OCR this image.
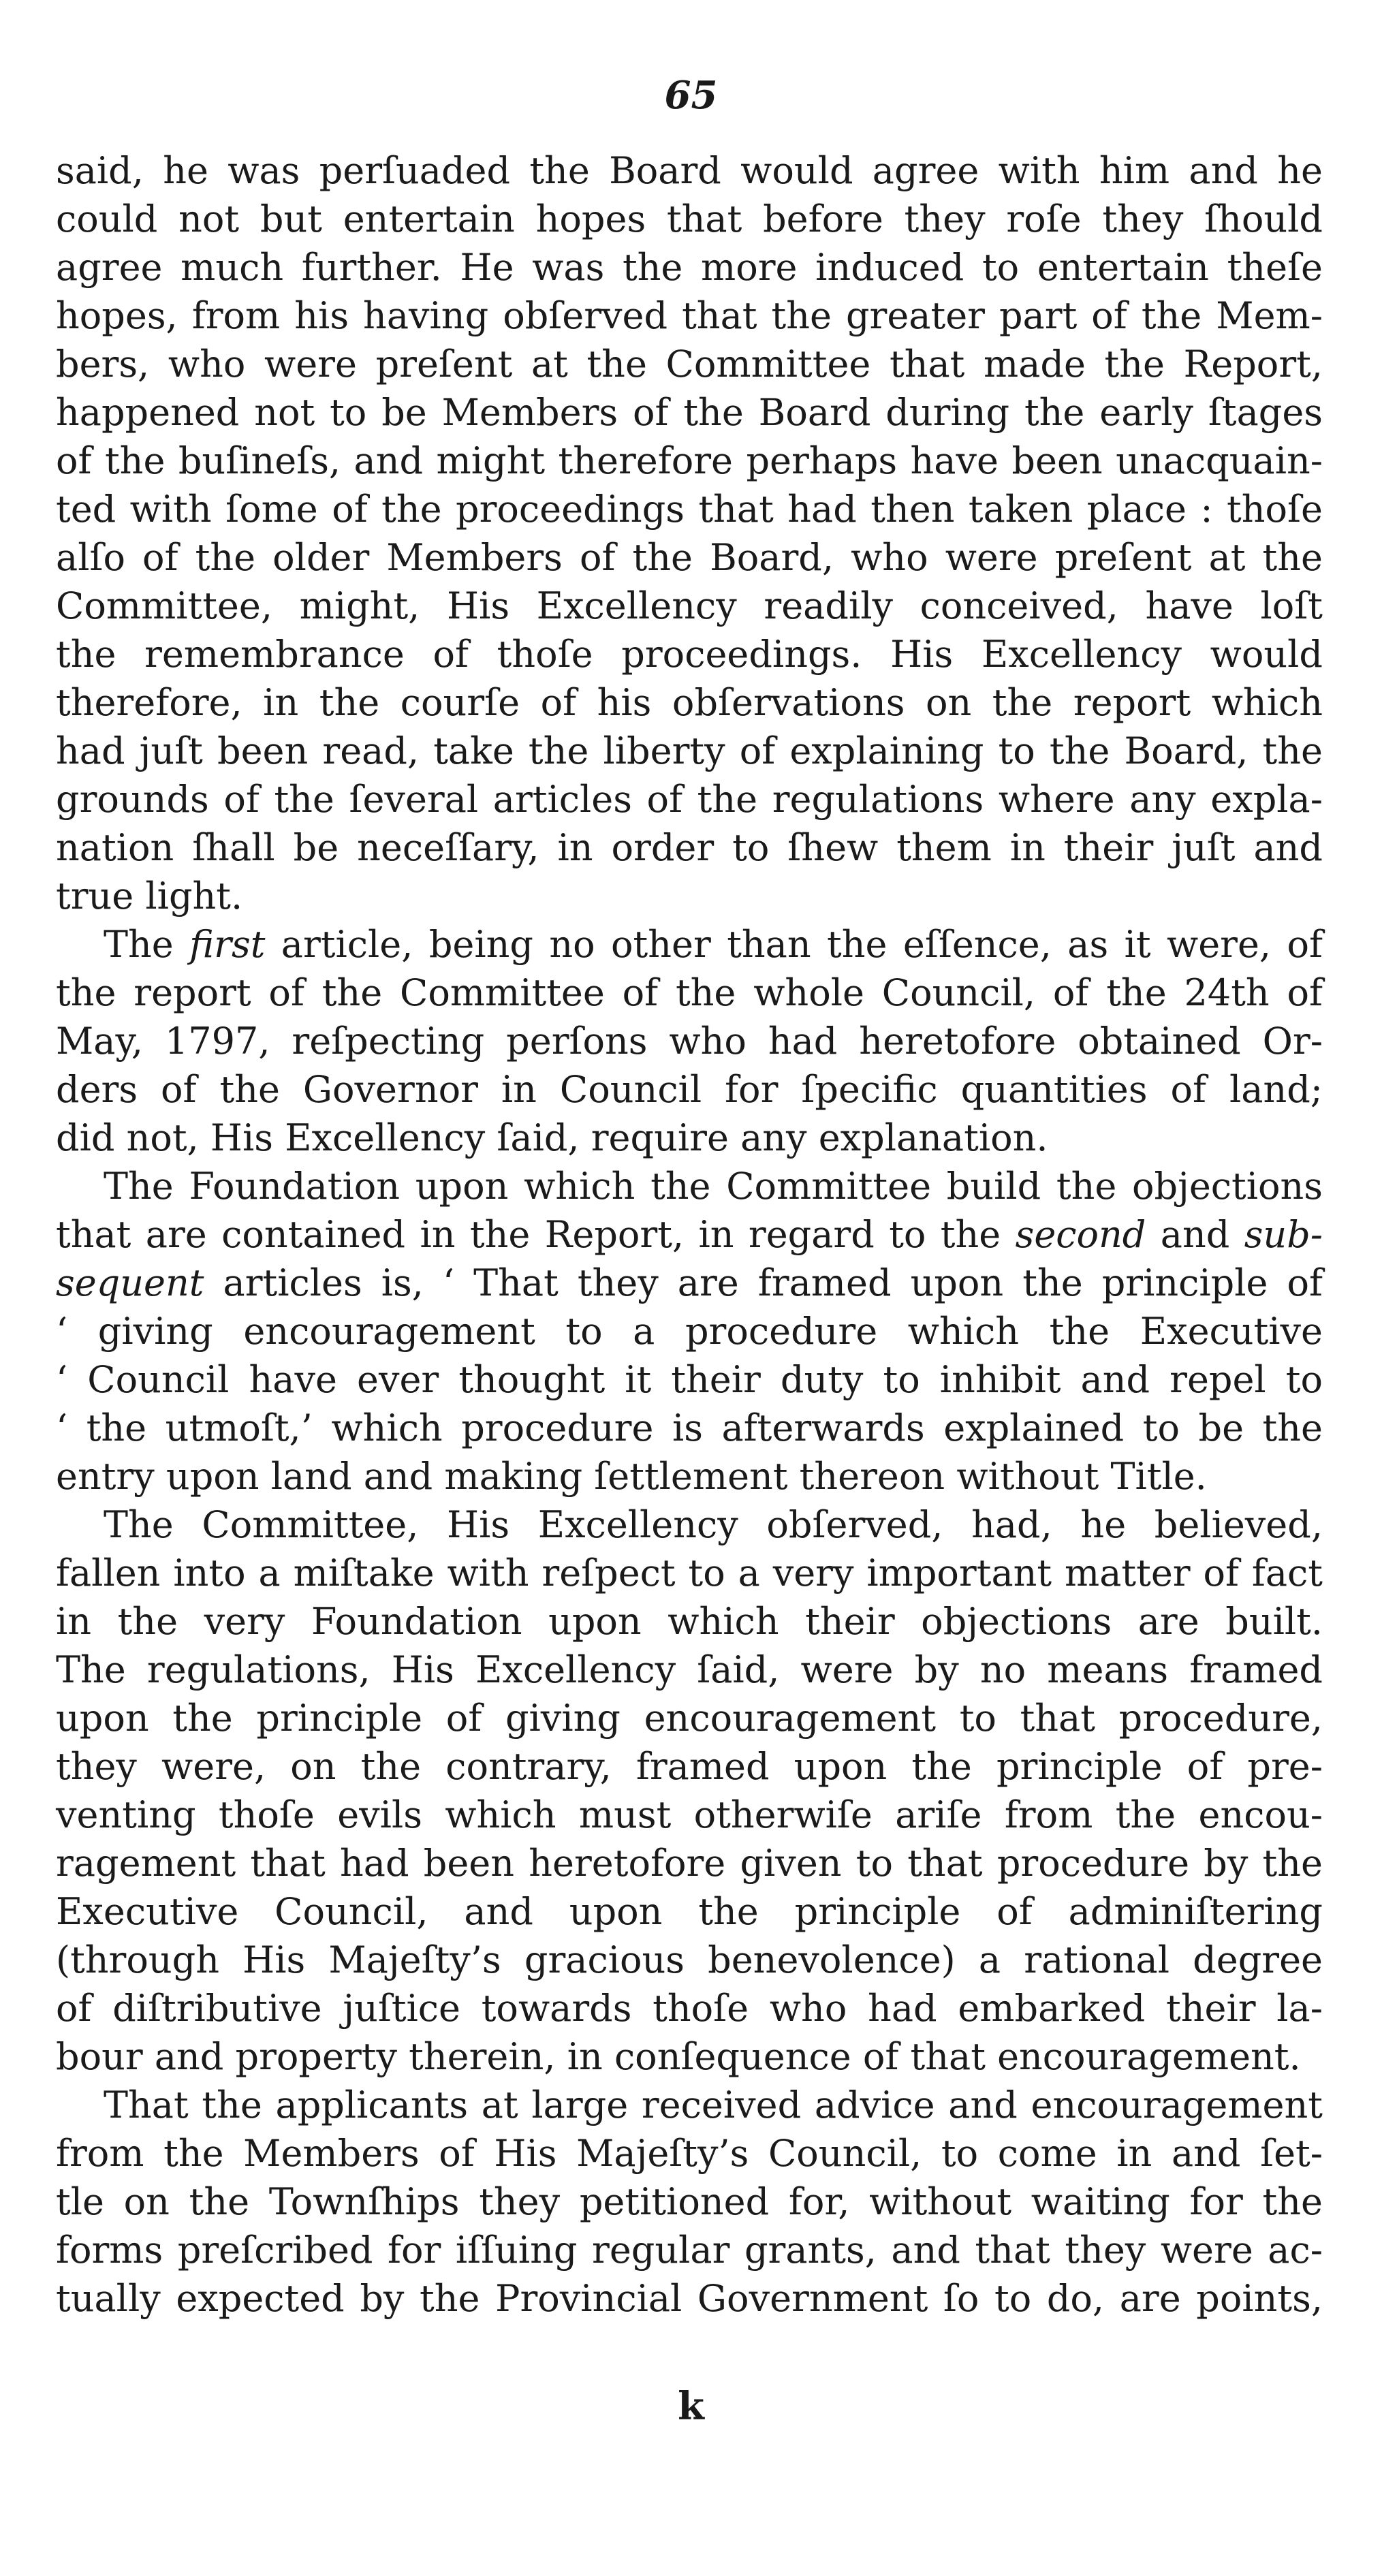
65
said, he was perſuaded the Board would agree with him and he
could not but entertain hopes that before they roſe they ſhould
agree much further. He was the more induced to entertain theſe
hopes, from his having obſerved that the greater part of the Mem-
bers, who were preſent at the Committee that made the Report,
happened not to be Members of the Board during the early ſtages
of the buſineſs, and might therefore perhaps have been unacquain-
ted with ſome of the proceedings that had then taken place : thoſe
alſo of the older Members of the Board, who were preſent at the
Committee, might, His Excellency readily conceived, have loſt
the remembrance of thoſe proceedings. His Excellency would
therefore, in the courſe of his obſervations on the report which
had juſt been read, take the liberty of explaining to the Board, the
grounds of the ſeveral articles of the regulations where any expla-
nation ſhall be neceſſary, in order to ſhew them in their juſt and
true light.
The first article, being no other than the eſſence, as it were, of
the report of the Committee of the whole Council, of the 24th of
May, 1797, reſpecting perſons who had heretofore obtained Or-
ders of the Governor in Council for ſpecific quantities of land;
did not, His Excellency ſaid, require any explanation.
The Foundation upon which the Committee build the objections
that are contained in the Report, in regard to the second and sub-
sequent articles is, ‘ That they are framed upon the principle of
‘ giving encouragement to a procedure which the Executive
‘ Council have ever thought it their duty to inhibit and repel to
‘ the utmoſt,’ which procedure is afterwards explained to be the
entry upon land and making ſettlement thereon without Title.
The Committee, His Excellency obſerved, had, he believed,
fallen into a miſtake with reſpect to a very important matter of fact
in the very Foundation upon which their objections are built.
The regulations, His Excellency ſaid, were by no means framed
upon the principle of giving encouragement to that procedure,
they were, on the contrary, framed upon the principle of pre-
venting thoſe evils which must otherwiſe ariſe from the encou-
ragement that had been heretofore given to that procedure by the
Executive Council, and upon the principle of adminiſtering
(through His Majeſty’s gracious benevolence) a rational degree
of diſtributive juſtice towards thoſe who had embarked their la-
bour and property therein, in conſequence of that encouragement.
That the applicants at large received advice and encouragement
from the Members of His Majeſty’s Council, to come in and ſet-
tle on the Townſhips they petitioned for, without waiting for the
forms preſcribed for iſſuing regular grants, and that they were ac-
tually expected by the Provincial Government ſo to do, are points,
k
